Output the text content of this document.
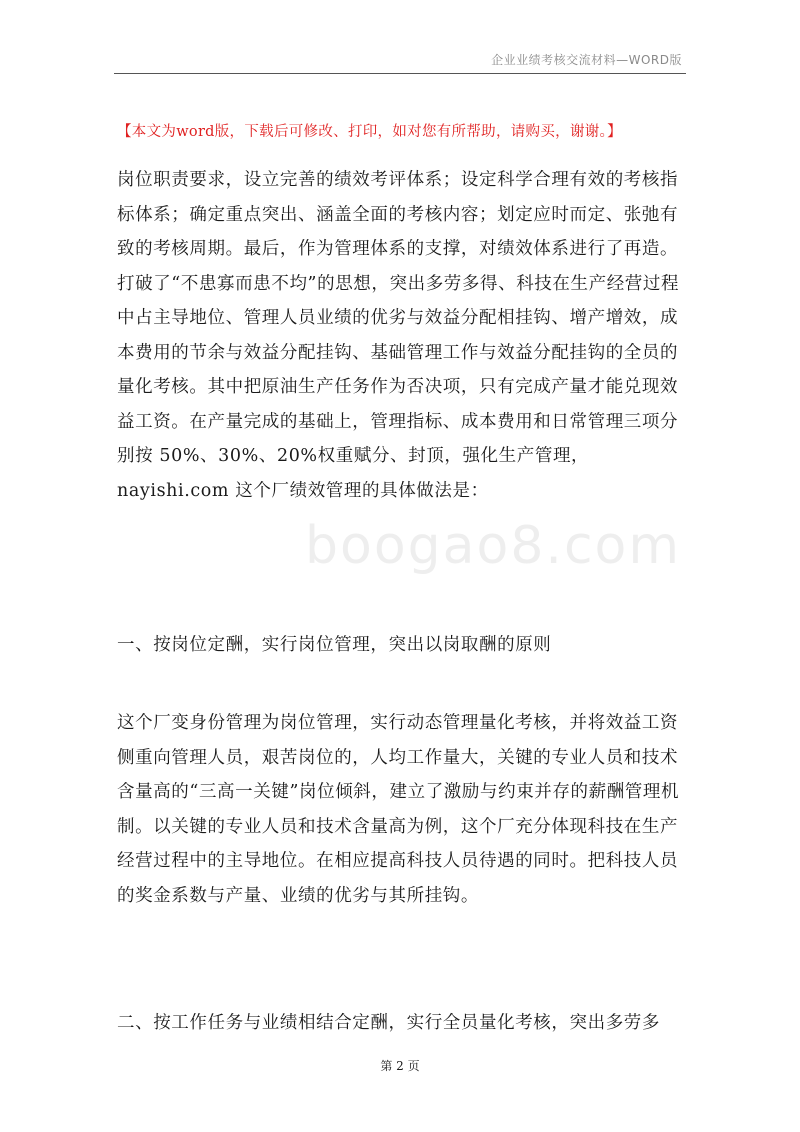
企业业绩考核交流材料—WORD版
【本文为word版，下载后可修改、打印，如对您有所帮助，请购买，谢谢。】

岗位职责要求，设立完善的绩效考评体系；设定科学合理有效的考核指标体系；确定重点突出、涵盖全面的考核内容；划定应时而定、张弛有致的考核周期。最后，作为管理体系的支撑，对绩效体系进行了再造。打破了“不患寡而患不均”的思想，突出多劳多得、科技在生产经营过程中占主导地位、管理人员业绩的优劣与效益分配相挂钩、增产增效，成本费用的节余与效益分配挂钩、基础管理工作与效益分配挂钩的全员的量化考核。其中把原油生产任务作为否决项，只有完成产量才能兑现效益工资。在产量完成的基础上，管理指标、成本费用和日常管理三项分别按 50%、30%、20%权重赋分、封顶，强化生产管理，nayishi.com 这个厂绩效管理的具体做法是：

boogao8.com

一、按岗位定酬，实行岗位管理，突出以岗取酬的原则

这个厂变身份管理为岗位管理，实行动态管理量化考核，并将效益工资侧重向管理人员，艰苦岗位的，人均工作量大，关键的专业人员和技术含量高的“三高一关键”岗位倾斜，建立了激励与约束并存的薪酬管理机制。以关键的专业人员和技术含量高为例，这个厂充分体现科技在生产经营过程中的主导地位。在相应提高科技人员待遇的同时。把科技人员的奖金系数与产量、业绩的优劣与其所挂钩。

二、按工作任务与业绩相结合定酬，实行全员量化考核，突出多劳多

第 2 页
